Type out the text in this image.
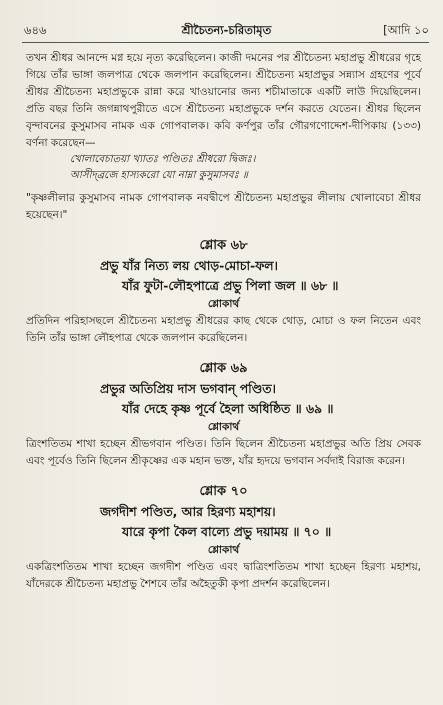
৬৪৬	শ্রীচৈতন্য-চরিতামৃত	[আদি ১০

তখন শ্রীধর আনন্দে মগ্ন হয়ে নৃত্য করেছিলেন। কাজী দমনের পর শ্রীচৈতন্য মহাপ্রভু শ্রীধরের গৃহে গিয়ে তাঁর ভাঙ্গা জলপাত্র থেকে জলপান করেছিলেন। শ্রীচৈতন্য মহাপ্রভুর সন্ন্যাস গ্রহণের পূর্বে শ্রীধর শ্রীচৈতন্য মহাপ্রভুকে রান্না করে খাওয়ানোর জন্য শচীমাতাকে একটি লাউ দিয়েছিলেন। প্রতি বছর তিনি জগন্নাথপুরীতে এসে শ্রীচৈতন্য মহাপ্রভুকে দর্শন করতে যেতেন। শ্রীধর ছিলেন বৃন্দাবনের কুসুমাসব নামক এক গোপবালক। কবি কর্ণপুর তাঁর গৌরগণোদ্দেশ-দীপিকায় (১৩৩) বর্ণনা করেছেন—

খোলাবেচাতয়া খ্যাতঃ পণ্ডিতঃ শ্রীধরো দ্বিজঃ।

আসীদ্‌ব্রজে হাস্যকরো যো নাম্না কুসুমাসবঃ ॥

"কৃষ্ণলীলার কুসুমাসব নামক গোপবালক নবদ্বীপে শ্রীচৈতন্য মহাপ্রভুর লীলায় খোলাবেচা শ্রীধর হয়েছেন।"

শ্লোক ৬৮
প্রভু যাঁর নিত্য লয় থোড়-মোচা-ফল।
যাঁর ফুটা-লৌহপাত্রে প্রভু পিলা জল ॥ ৬৮ ॥
শ্লোকার্থ

প্রতিদিন পরিহাসছলে শ্রীচৈতন্য মহাপ্রভু শ্রীধরের কাছ থেকে থোড়, মোচা ও ফল নিতেন এবং তিনি তাঁর ভাঙ্গা লৌহপাত্র থেকে জলপান করেছিলেন।

শ্লোক ৬৯
প্রভুর অতিপ্রিয় দাস ভগবান্ পণ্ডিত।
যাঁর দেহে কৃষ্ণ পূর্বে হৈলা অধিষ্ঠিত ॥ ৬৯ ॥
শ্লোকার্থ

ত্রিংশতিতম শাখা হচ্ছেন শ্রীভগবান পণ্ডিত। তিনি ছিলেন শ্রীচৈতন্য মহাপ্রভুর অতি প্রিয় সেবক এবং পূর্বেও তিনি ছিলেন শ্রীকৃষ্ণের এক মহান ভক্ত, যাঁর হৃদয়ে ভগবান সর্বদাই বিরাজ করেন।

শ্লোক ৭০
জগদীশ পণ্ডিত, আর হিরণ্য মহাশয়।
যারে কৃপা কৈল বাল্যে প্রভু দয়াময় ॥ ৭০ ॥
শ্লোকার্থ

একত্রিংশতিতম শাখা হচ্ছেন জগদীশ পণ্ডিত এবং দ্বাত্রিংশতিতম শাখা হচ্ছেন হিরণ্য মহাশয়, যাঁদেরকে শ্রীচৈতন্য মহাপ্রভু শৈশবে তাঁর অহৈতুকী কৃপা প্রদর্শন করেছিলেন।
